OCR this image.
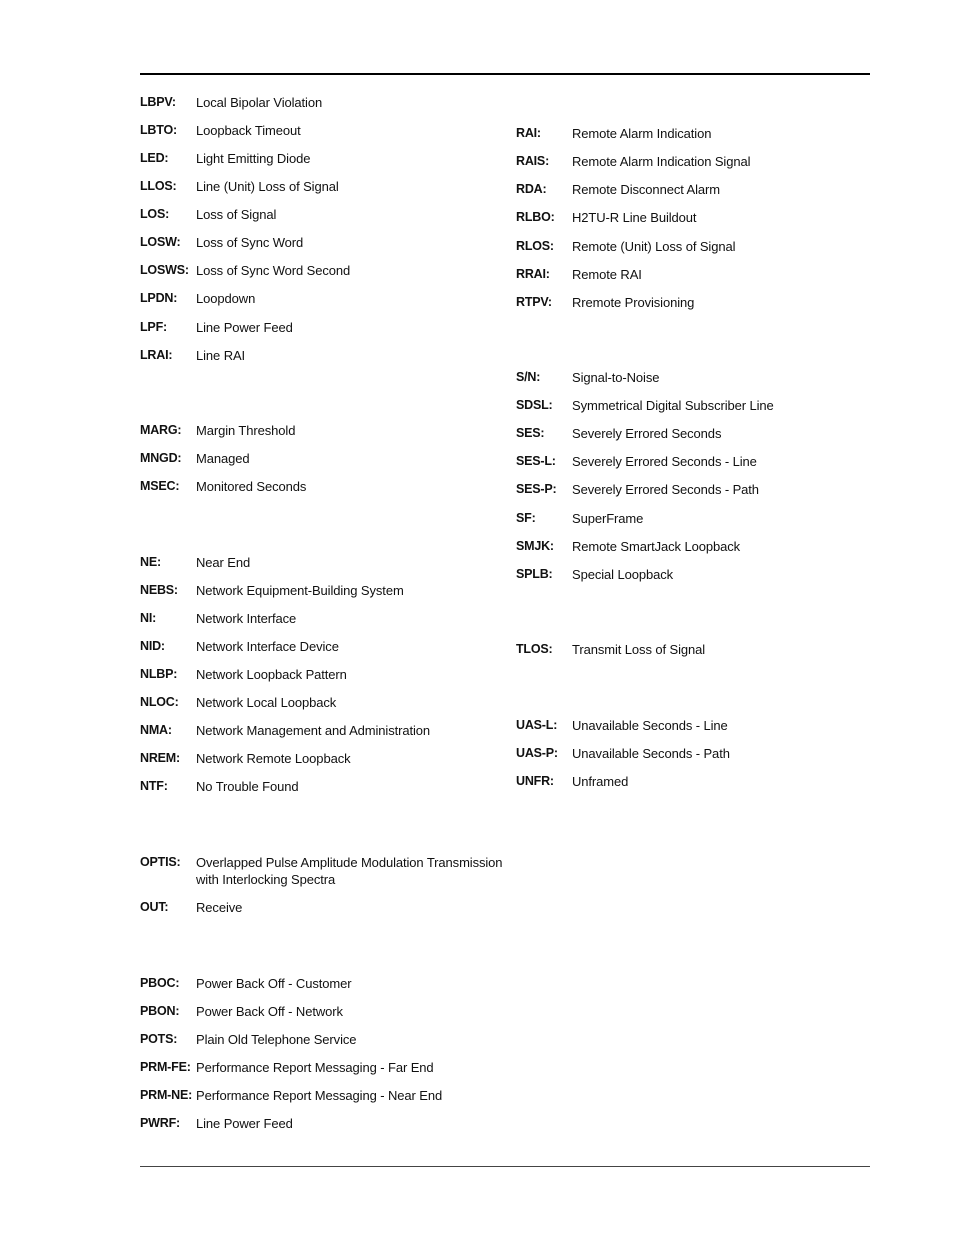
LBPV: Local Bipolar Violation
LBTO: Loopback Timeout
LED: Light Emitting Diode
LLOS: Line (Unit) Loss of Signal
LOS: Loss of Signal
LOSW: Loss of Sync Word
LOSWS: Loss of Sync Word Second
LPDN: Loopdown
LPF: Line Power Feed
LRAI: Line RAI
MARG: Margin Threshold
MNGD: Managed
MSEC: Monitored Seconds
NE:	Near End
NEBS: Network Equipment-Building System
NI:	Network Interface
NID: Network Interface Device
NLBP: Network Loopback Pattern
NLOC: Network Local Loopback
NMA: Network Management and Administration
NREM: Network Remote Loopback
NTF: No Trouble Found
OPTIS: Overlapped Pulse Amplitude Modulation Transmission with Interlocking Spectra
OUT: Receive
PBOC: Power Back Off - Customer
PBON: Power Back Off - Network
POTS: Plain Old Telephone Service
PRM-FE: Performance Report Messaging - Far End
PRM-NE: Performance Report Messaging - Near End
PWRF: Line Power Feed
RAI: Remote Alarm Indication
RAIS: Remote Alarm Indication Signal
RDA: Remote Disconnect Alarm
RLBO: H2TU-R Line Buildout
RLOS: Remote (Unit) Loss of Signal
RRAI: Remote RAI
RTPV: Rremote Provisioning
S/N: Signal-to-Noise
SDSL: Symmetrical Digital Subscriber Line
SES: Severely Errored Seconds
SES-L: Severely Errored Seconds - Line
SES-P: Severely Errored Seconds - Path
SF:	SuperFrame
SMJK: Remote SmartJack Loopback
SPLB: Special Loopback
TLOS: Transmit Loss of Signal
UAS-L: Unavailable Seconds - Line
UAS-P: Unavailable Seconds - Path
UNFR: Unframed
